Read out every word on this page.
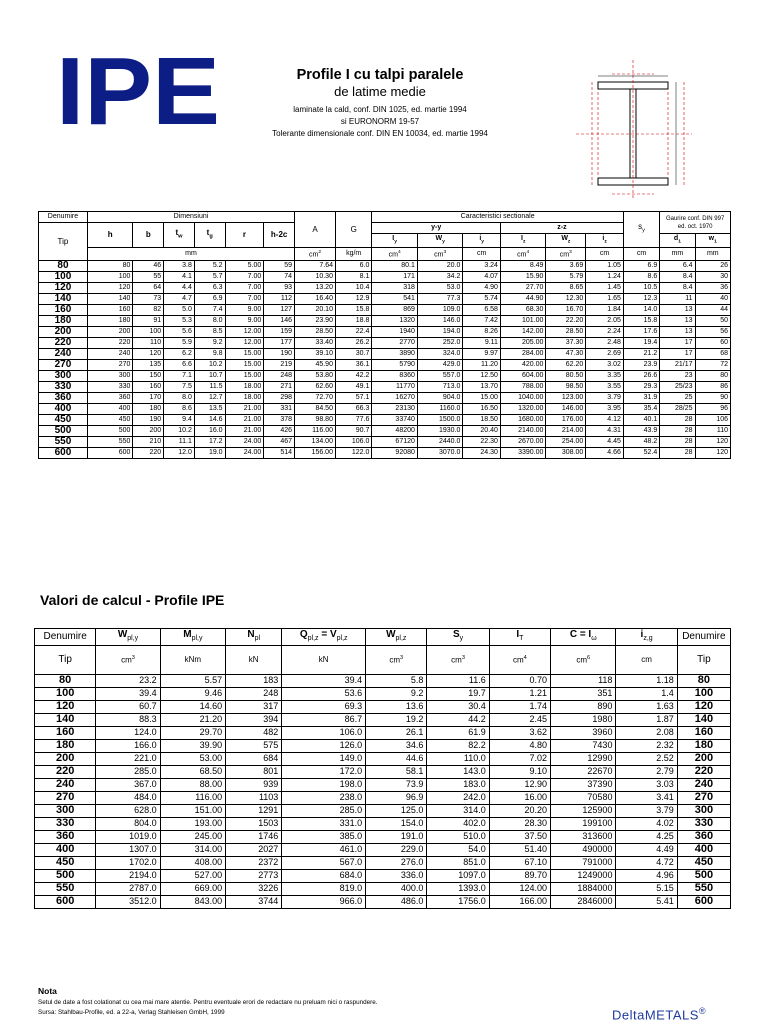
IPE	Profile I cu talpi paralele
de latime medie
laminate la cald, conf. DIN 1025, ed. martie 1994
si EURONORM 19-57
Tolerante dimensionale conf. DIN EN 10034, ed. martie 1994
Denumire	Dimensiuni						A	G	Caracteristici sectionale						$s_y$	Gaurire conf. DIN 997 ed. oct. 1970	
Tip	h	b	$t_w$	$t_g$	r	h-2c			y-y			z-z					
									$I_y$	$W_y$	$i_y$	$I_z$	$W_z$	$i_z$		$d_1$	$w_1$
	mm						$cm^2$	kg/m	$cm^4$	$cm^3$	cm	$cm^4$	$cm^3$	cm	cm	mm	mm
80	80	46	3.8	5.2	5.00	59	7.64	6.0	80.1	20.0	3.24	8.49	3.69	1.05	6.9	6.4	26
100	100	55	4.1	5.7	7.00	74	10.30	8.1	171	34.2	4.07	15.90	5.79	1.24	8.6	8.4	30
120	120	64	4.4	6.3	7.00	93	13.20	10.4	318	53.0	4.90	27.70	8.65	1.45	10.5	8.4	36
140	140	73	4.7	6.9	7.00	112	16.40	12.9	541	77.3	5.74	44.90	12.30	1.65	12.3	11	40
160	160	82	5.0	7.4	9.00	127	20.10	15.8	869	109.0	6.58	68.30	16.70	1.84	14.0	13	44
180	180	91	5.3	8.0	9.00	146	23.90	18.8	1320	146.0	7.42	101.00	22.20	2.05	15.8	13	50
200	200	100	5.6	8.5	12.00	159	28.50	22.4	1940	194.0	8.26	142.00	28.50	2.24	17.6	13	56
220	220	110	5.9	9.2	12.00	177	33.40	26.2	2770	252.0	9.11	205.00	37.30	2.48	19.4	17	60
240	240	120	6.2	9.8	15.00	190	39.10	30.7	3890	324.0	9.97	284.00	47.30	2.69	21.2	17	68
270	270	135	6.6	10.2	15.00	219	45.90	36.1	5790	429.0	11.20	420.00	62.20	3.02	23.9	21/17	72
300	300	150	7.1	10.7	15.00	248	53.80	42.2	8360	557.0	12.50	604.00	80.50	3.35	26.6	23	80
330	330	160	7.5	11.5	18.00	271	62.60	49.1	11770	713.0	13.70	788.00	98.50	3.55	29.3	25/23	86
360	360	170	8.0	12.7	18.00	298	72.70	57.1	16270	904.0	15.00	1040.00	123.00	3.79	31.9	25	90
400	400	180	8.6	13.5	21.00	331	84.50	66.3	23130	1160.0	16.50	1320.00	146.00	3.95	35.4	28/25	96
450	450	190	9.4	14.6	21.00	378	98.80	77.6	33740	1500.0	18.50	1680.00	176.00	4.12	40.1	28	106
500	500	200	10.2	16.0	21.00	426	116.00	90.7	48200	1930.0	20.40	2140.00	214.00	4.31	43.9	28	110
550	550	210	11.1	17.2	24.00	467	134.00	106.0	67120	2440.0	22.30	2670.00	254.00	4.45	48.2	28	120
600	600	220	12.0	19.0	24.00	514	156.00	122.0	92080	3070.0	24.30	3390.00	308.00	4.66	52.4	28	120
Valori de calcul - Profile IPE
Denumire	$W_{pl,y}$	$M_{pl,y}$	$N_{pl}$	$Q_{pl,z} = V_{pl,z}$	$W_{pl,z}$	$S_y$	$I_T$	$C = I_\omega$	$i_{z,g}$	Denumire
Tip										Tip
	$cm^3$	kNm	kN	kN	$cm^3$	$cm^3$	$cm^4$	$cm^6$	cm	
80	23.2	5.57	183	39.4	5.8	11.6	0.70	118	1.18	80
100	39.4	9.46	248	53.6	9.2	19.7	1.21	351	1.4	100
120	60.7	14.60	317	69.3	13.6	30.4	1.74	890	1.63	120
140	88.3	21.20	394	86.7	19.2	44.2	2.45	1980	1.87	140
160	124.0	29.70	482	106.0	26.1	61.9	3.62	3960	2.08	160
180	166.0	39.90	575	126.0	34.6	82.2	4.80	7430	2.32	180
200	221.0	53.00	684	149.0	44.6	110.0	7.02	12990	2.52	200
220	285.0	68.50	801	172.0	58.1	143.0	9.10	22670	2.79	220
240	367.0	88.00	939	198.0	73.9	183.0	12.90	37390	3.03	240
270	484.0	116.00	1103	238.0	96.9	242.0	16.00	70580	3.41	270
300	628.0	151.00	1291	285.0	125.0	314.0	20.20	125900	3.79	300
330	804.0	193.00	1503	331.0	154.0	402.0	28.30	199100	4.02	330
360	1019.0	245.00	1746	385.0	191.0	510.0	37.50	313600	4.25	360
400	1307.0	314.00	2027	461.0	229.0	54.0	51.40	490000	4.49	400
450	1702.0	408.00	2372	567.0	276.0	851.0	67.10	791000	4.72	450
500	2194.0	527.00	2773	684.0	336.0	1097.0	89.70	1249000	4.96	500
550	2787.0	669.00	3226	819.0	400.0	1393.0	124.00	1884000	5.15	550
600	3512.0	843.00	3744	966.0	486.0	1756.0	166.00	2846000	5.41	600
Nota
Setul de date a fost colationat cu cea mai mare atentie. Pentru eventuale erori de redactare nu preluam nici o raspundere.
Sursa: Stahlbau-Profile, ed. a 22-a, Verlag Stahleisen GmbH, 1999	DeltaMETALS®
